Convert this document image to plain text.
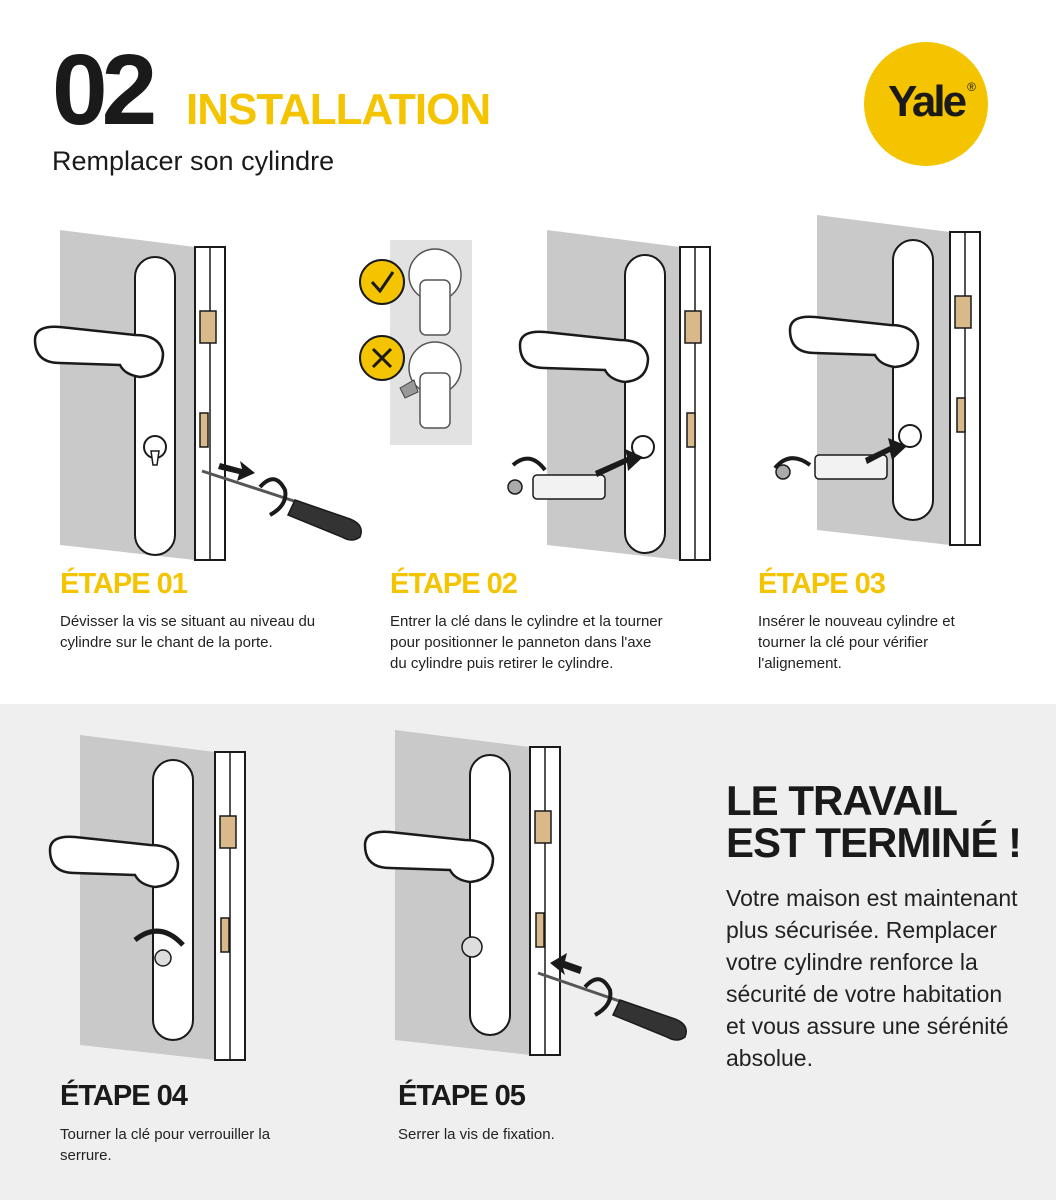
02 INSTALLATION
Remplacer son cylindre
Yale ®
ÉTAPE 01
Dévisser la vis se situant au niveau du cylindre sur le chant de la porte.
ÉTAPE 02
Entrer la clé dans le cylindre et la tourner pour positionner le panneton dans l'axe du cylindre puis retirer le cylindre.
ÉTAPE 03
Insérer le nouveau cylindre et tourner la clé pour vérifier l'alignement.
ÉTAPE 04
Tourner la clé pour verrouiller la serrure.
ÉTAPE 05
Serrer la vis de fixation.
LE TRAVAIL
EST TERMINÉ !
Votre maison est maintenant plus sécurisée. Remplacer votre cylindre renforce la sécurité de votre habitation et vous assure une sérénité absolue.
